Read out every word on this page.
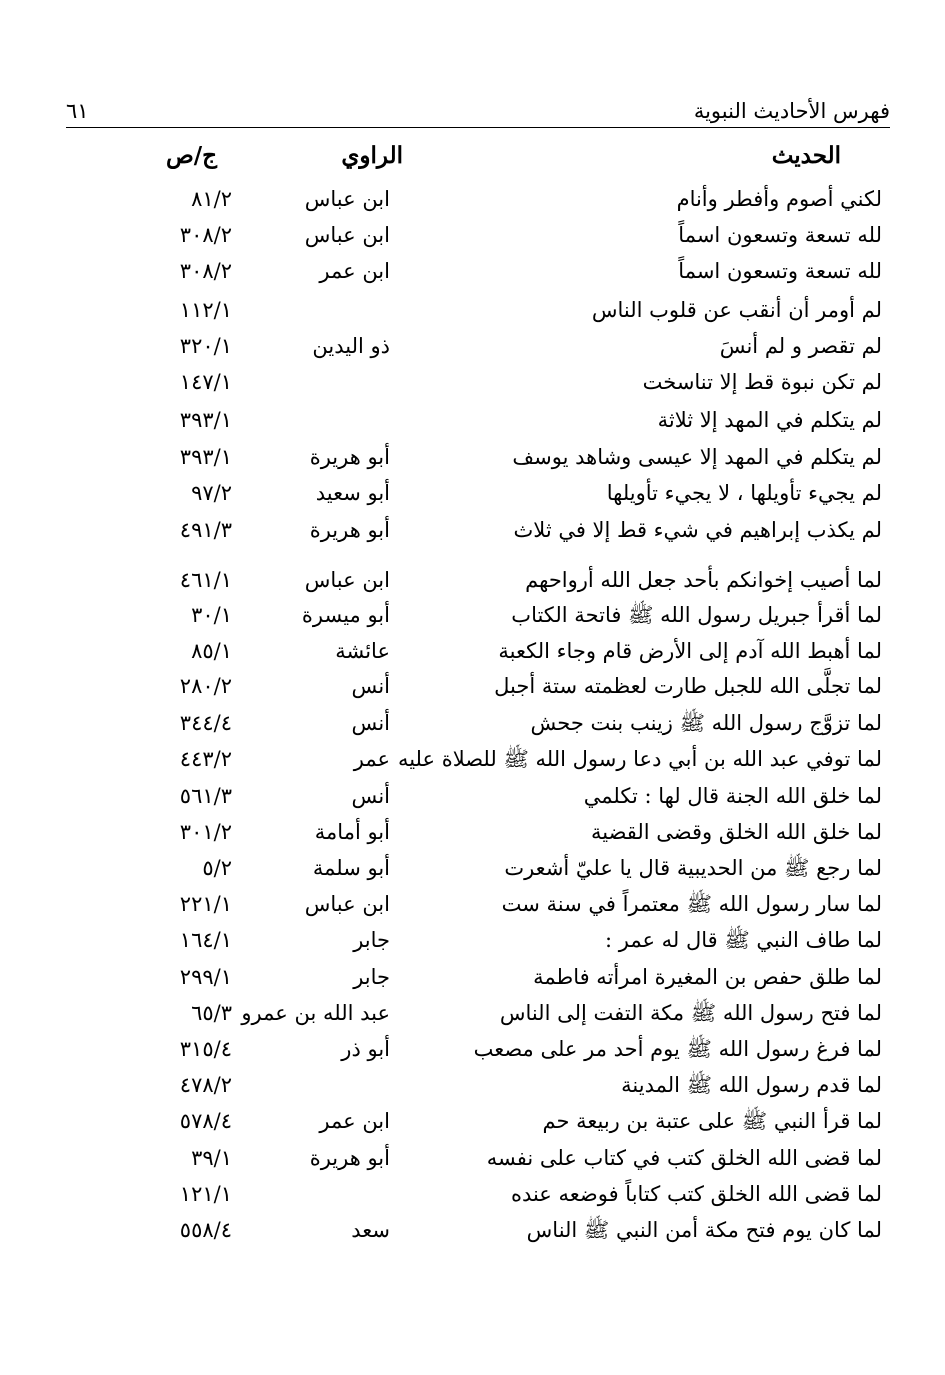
فهرس الأحاديث النبوية
٦١
الحديث
الراوي
ج/ص
لكني أصوم وأفطر وأنام
ابن عباس
٨١/٢
لله تسعة وتسعون اسماً
ابن عباس
٣٠٨/٢
لله تسعة وتسعون اسماً
ابن عمر
٣٠٨/٢
لم أومر أن أنقب عن قلوب الناس
١١٢/١
لم تقصر و لم أنسَ
ذو اليدين
٣٢٠/١
لم تكن نبوة قط إلا تناسخت
١٤٧/١
لم يتكلم في المهد إلا ثلاثة
٣٩٣/١
لم يتكلم في المهد إلا عيسى وشاهد يوسف
أبو هريرة
٣٩٣/١
لم يجيء تأويلها ، لا يجيء تأويلها
أبو سعيد
٩٧/٢
لم يكذب إبراهيم في شيء قط إلا في ثلاث
أبو هريرة
٤٩١/٣
لما أصيب إخوانكم بأحد جعل الله أرواحهم
ابن عباس
٤٦١/١
لما أقرأ جبريل رسول الله ﷺ فاتحة الكتاب
أبو ميسرة
٣٠/١
لما أهبط الله آدم إلى الأرض قام وجاء الكعبة
عائشة
٨٥/١
لما تجلَّى الله للجبل طارت لعظمته ستة أجبل
أنس
٢٨٠/٢
لما تزوَّج رسول الله ﷺ زينب بنت جحش
أنس
٣٤٤/٤
لما توفي عبد الله بن أبي دعا رسول الله ﷺ للصلاة عليه
عمر
٤٤٣/٢
لما خلق الله الجنة قال لها : تكلمي
أنس
٥٦١/٣
لما خلق الله الخلق وقضى القضية
أبو أمامة
٣٠١/٢
لما رجع ﷺ من الحديبية قال يا عليّ أشعرت
أبو سلمة
٥/٢
لما سار رسول الله ﷺ معتمراً في سنة ست
ابن عباس
٢٢١/١
لما طاف النبي ﷺ قال له عمر :
جابر
١٦٤/١
لما طلق حفص بن المغيرة امرأته فاطمة
جابر
٢٩٩/١
لما فتح رسول الله ﷺ مكة التفت إلى الناس
عبد الله بن عمرو
٦٥/٣
لما فرغ رسول الله ﷺ يوم أحد مر على مصعب
أبو ذر
٣١٥/٤
لما قدم رسول الله ﷺ المدينة
٤٧٨/٢
لما قرأ النبي ﷺ على عتبة بن ربيعة حم
ابن عمر
٥٧٨/٤
لما قضى الله الخلق كتب في كتاب على نفسه
أبو هريرة
٣٩/١
لما قضى الله الخلق كتب كتاباً فوضعه عنده
١٢١/١
لما كان يوم فتح مكة أمن النبي ﷺ الناس
سعد
٥٥٨/٤
